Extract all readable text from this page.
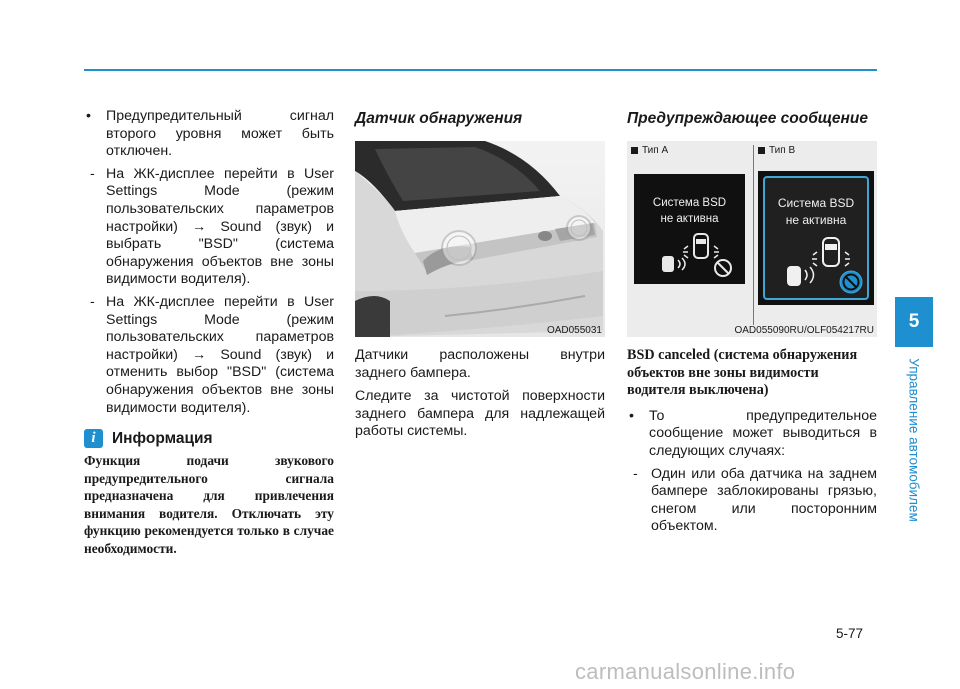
• Предупредительный сигнал второго уровня может быть отключен.
- На ЖК-дисплее перейти в User Settings Mode (режим пользовательских параметров настройки) → Sound (звук) и выбрать "BSD" (система обнаружения объектов вне зоны видимости водителя).
- На ЖК-дисплее перейти в User Settings Mode (режим пользовательских параметров настройки) → Sound (звук) и отменить выбор "BSD" (система обнаружения объектов вне зоны видимости водителя).
i	Информация
Функция подачи звукового предупредительного сигнала предназначена для привлечения внимания водителя. Отключать эту функцию рекомендуется только в случае необходимости.
Датчик обнаружения
OAD055031
Датчики расположены внутри заднего бампера.
Следите за чистотой поверхности заднего бампера для надлежащей работы системы.
Предупреждающее сообщение
Тип A	Тип B
Система BSD
не активна
Система BSD
не активна
OAD055090RU/OLF054217RU
BSD canceled (система обнаружения объектов вне зоны видимости водителя выключена)
• То предупредительное сообщение может выводиться в следующих случаях:
- Один или оба датчика на заднем бампере заблокированы грязью, снегом или посторонним объектом.
5
Управление автомобилем
5-77
carmanualsonline.info
